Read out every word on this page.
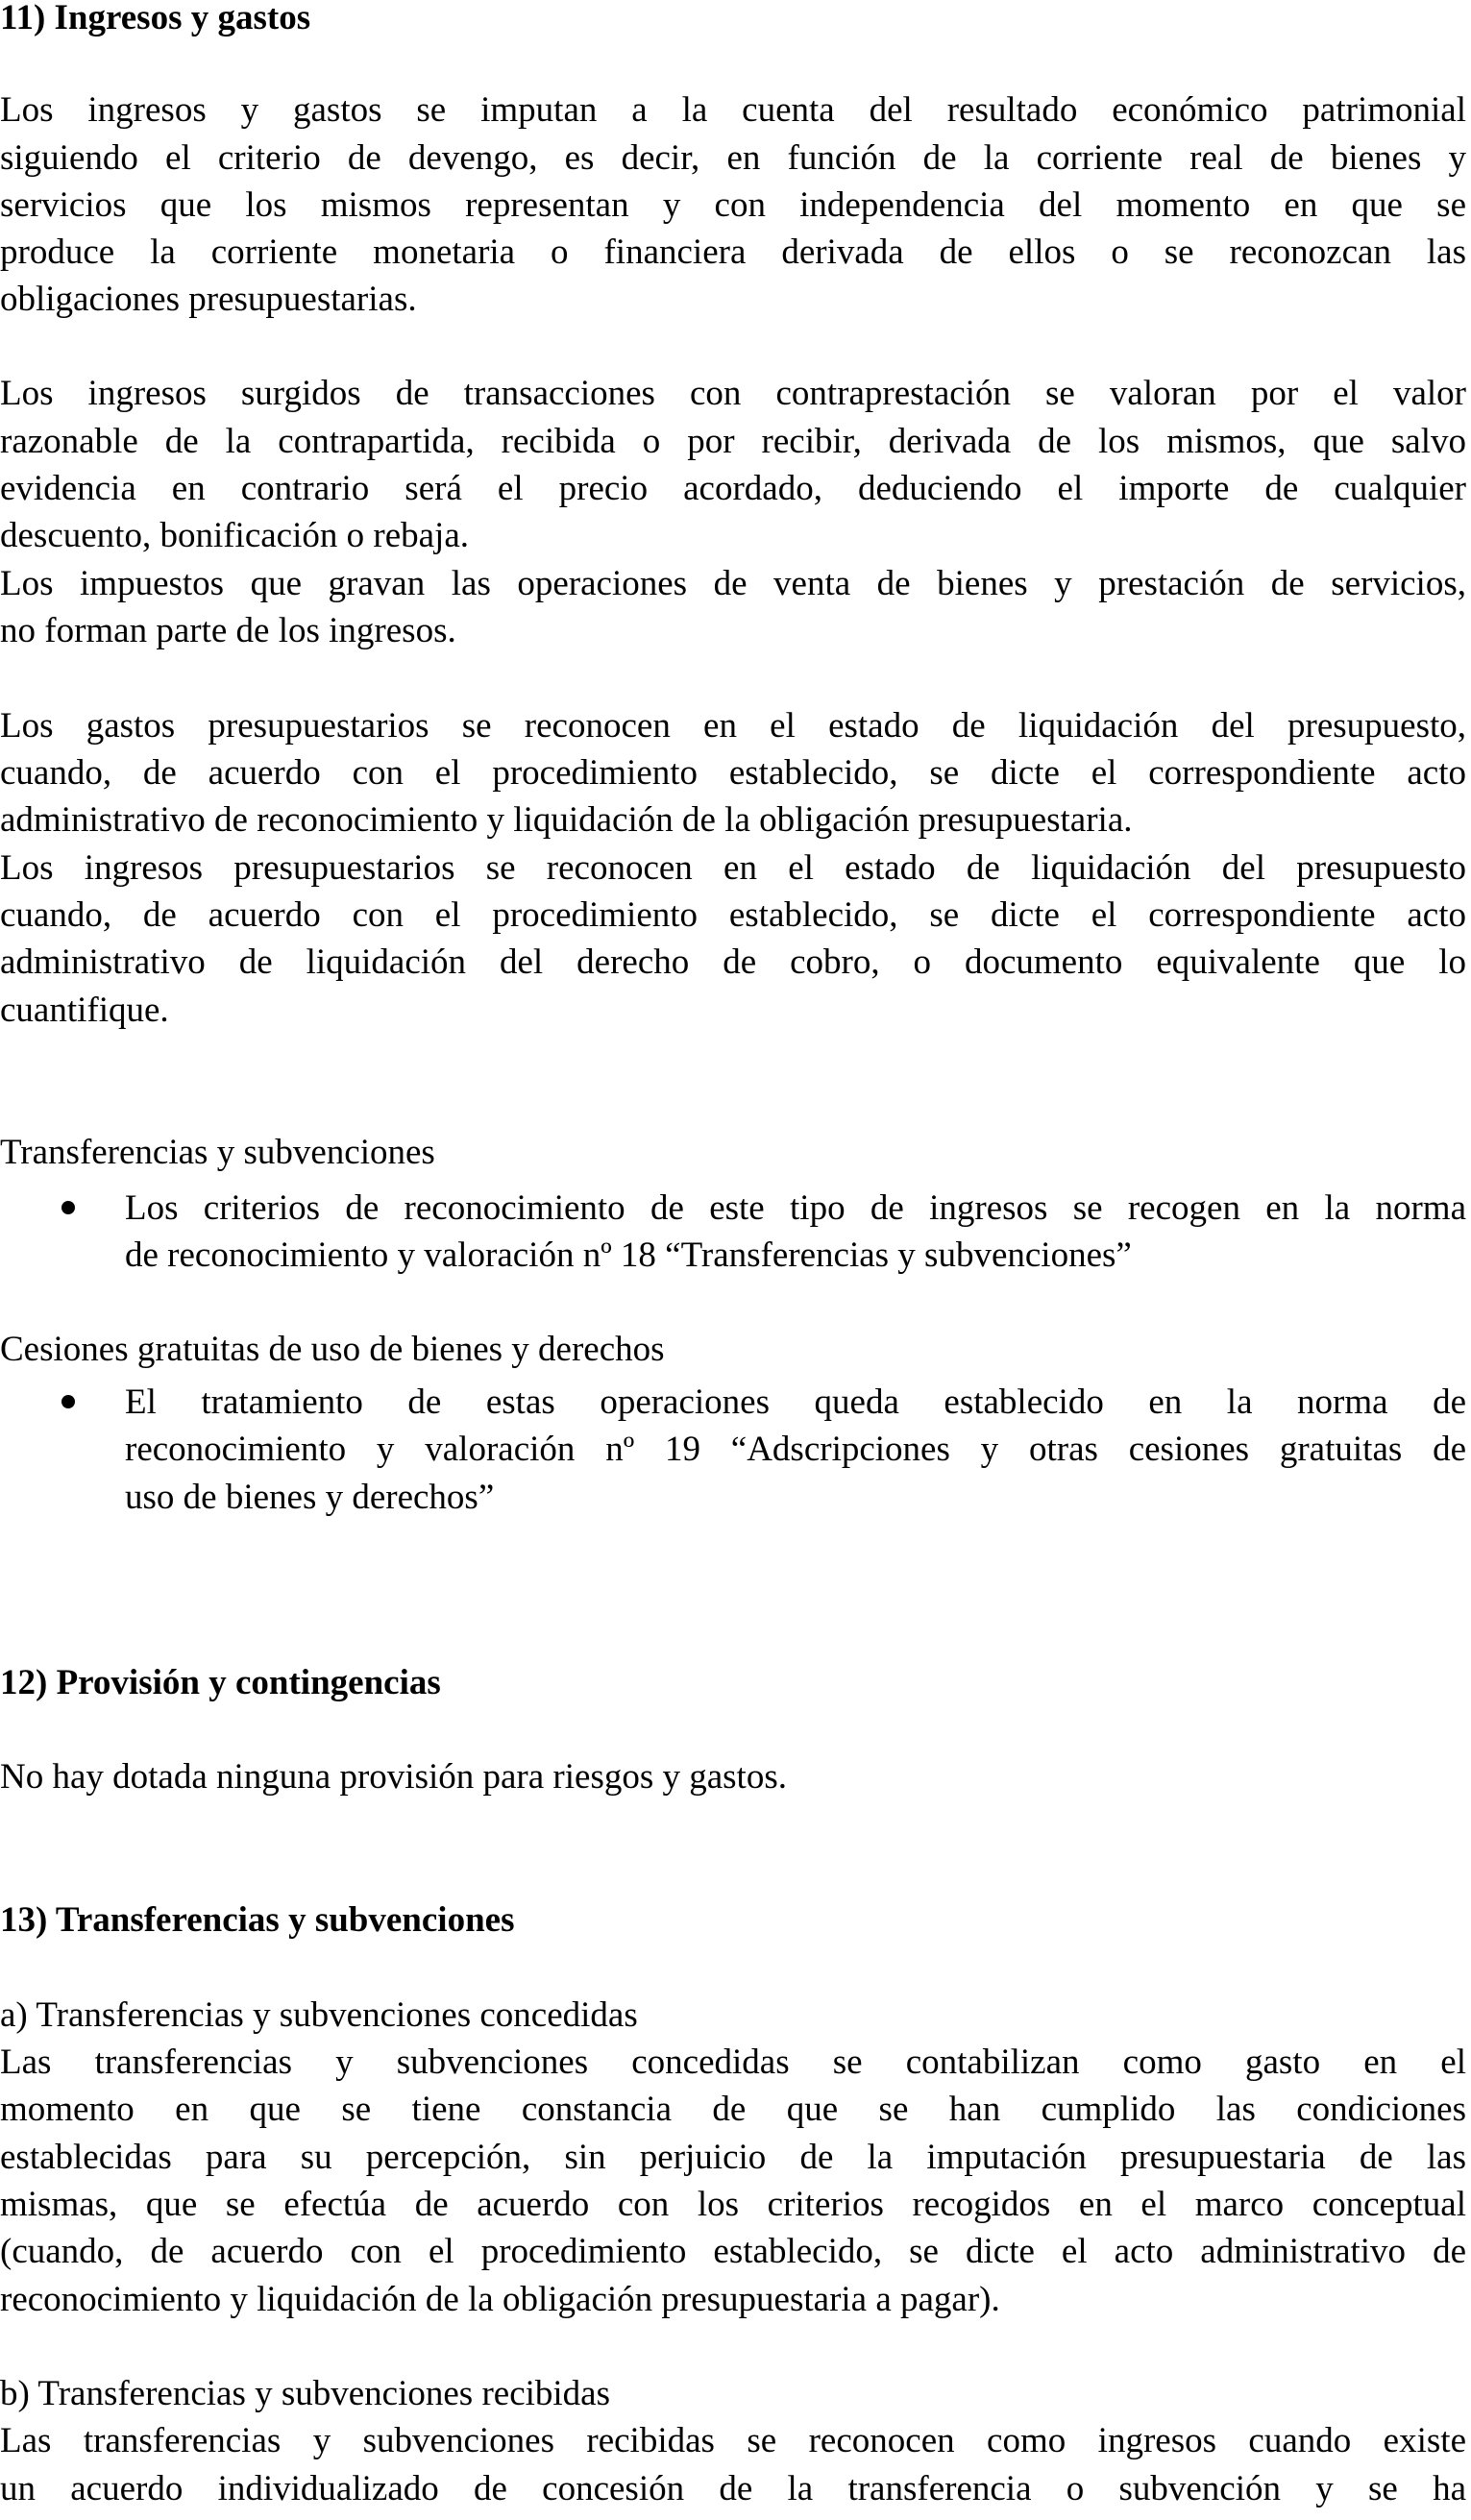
11) Ingresos y gastos
Los ingresos y gastos se imputan a la cuenta del resultado económico patrimonial
siguiendo el criterio de devengo, es decir, en función de la corriente real de bienes y
servicios que los mismos representan y con independencia del momento en que se
produce la corriente monetaria o financiera derivada de ellos o se reconozcan las
obligaciones presupuestarias.
Los ingresos surgidos de transacciones con contraprestación se valoran por el valor
razonable de la contrapartida, recibida o por recibir, derivada de los mismos, que salvo
evidencia en contrario será el precio acordado, deduciendo el importe de cualquier
descuento, bonificación o rebaja.
Los impuestos que gravan las operaciones de venta de bienes y prestación de servicios,
no forman parte de los ingresos.
Los gastos presupuestarios se reconocen en el estado de liquidación del presupuesto,
cuando, de acuerdo con el procedimiento establecido, se dicte el correspondiente acto
administrativo de reconocimiento y liquidación de la obligación presupuestaria.
Los ingresos presupuestarios se reconocen en el estado de liquidación del presupuesto
cuando, de acuerdo con el procedimiento establecido, se dicte el correspondiente acto
administrativo de liquidación del derecho de cobro, o documento equivalente que lo
cuantifique.
Transferencias y subvenciones
Los criterios de reconocimiento de este tipo de ingresos se recogen en la norma
de reconocimiento y valoración nº 18 “Transferencias y subvenciones”
Cesiones gratuitas de uso de bienes y derechos
El tratamiento de estas operaciones queda establecido en la norma de
reconocimiento y valoración nº 19 “Adscripciones y otras cesiones gratuitas de
uso de bienes y derechos”
12) Provisión y contingencias
No hay dotada ninguna provisión para riesgos y gastos.
13) Transferencias y subvenciones
a) Transferencias y subvenciones concedidas
Las transferencias y subvenciones concedidas se contabilizan como gasto en el
momento en que se tiene constancia de que se han cumplido las condiciones
establecidas para su percepción, sin perjuicio de la imputación presupuestaria de las
mismas, que se efectúa de acuerdo con los criterios recogidos en el marco conceptual
(cuando, de acuerdo con el procedimiento establecido, se dicte el acto administrativo de
reconocimiento y liquidación de la obligación presupuestaria a pagar).
b) Transferencias y subvenciones recibidas
Las transferencias y subvenciones recibidas se reconocen como ingresos cuando existe
un acuerdo individualizado de concesión de la transferencia o subvención y se ha
